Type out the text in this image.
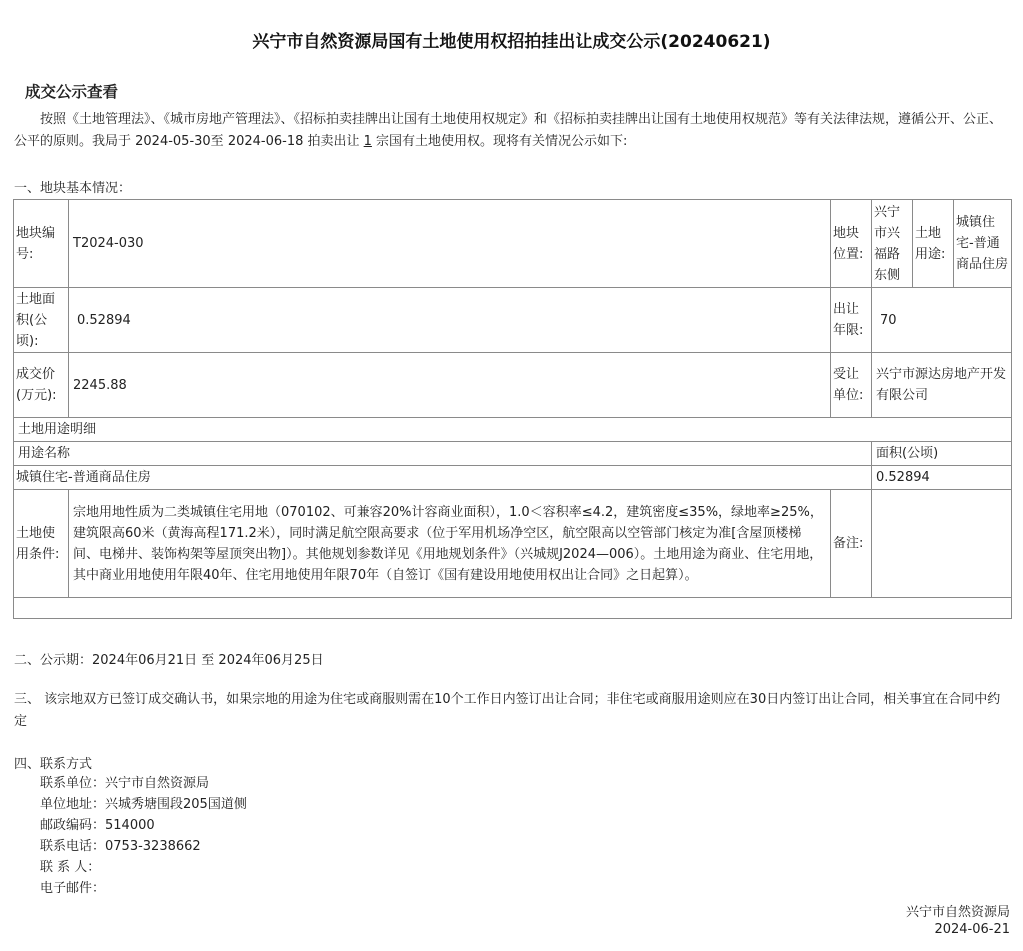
兴宁市自然资源局国有土地使用权招拍挂出让成交公示(20240621)
成交公示查看
按照《土地管理法》、《城市房地产管理法》、《招标拍卖挂牌出让国有土地使用权规定》和《招标拍卖挂牌出让国有土地使用权规范》等有关法律法规，遵循公开、公正、公平的原则。我局于 2024-05-30至 2024-06-18 拍卖出让 1 宗国有土地使用权。现将有关情况公示如下:
一、地块基本情况：
地块编号:	T2024-030	地块位置:	兴宁市兴福路东侧	土地用途:	城镇住宅-普通商品住房
土地面积(公顷):	0.52894	出让年限:	70		
成交价(万元):	2245.88	受让单位:	兴宁市源达房地产开发有限公司		
土地用途明细					
用途名称			面积(公顷)		
城镇住宅-普通商品住房			0.52894		
土地使用条件:	宗地用地性质为二类城镇住宅用地（070102、可兼容20%计容商业面积），1.0＜容积率≤4.2，建筑密度≤35%，绿地率≥25%，建筑限高60米（黄海高程171.2米），同时满足航空限高要求（位于军用机场净空区，航空限高以空管部门核定为准[含屋顶楼梯间、电梯井、装饰构架等屋顶突出物]）。其他规划参数详见《用地规划条件》（兴城规J2024—006）。土地用途为商业、住宅用地，其中商业用地使用年限40年、住宅用地使用年限70年（自签订《国有建设用地使用权出让合同》之日起算）。	备注:			

二、公示期：2024年06月21日 至 2024年06月25日
三、 该宗地双方已签订成交确认书，如果宗地的用途为住宅或商服则需在10个工作日内签订出让合同；非住宅或商服用途则应在30日内签订出让合同，相关事宜在合同中约定
四、联系方式
联系单位：兴宁市自然资源局
单位地址：兴城秀塘围段205国道侧
邮政编码：514000
联系电话：0753-3238662
联 系 人：
电子邮件：
兴宁市自然资源局
2024-06-21
